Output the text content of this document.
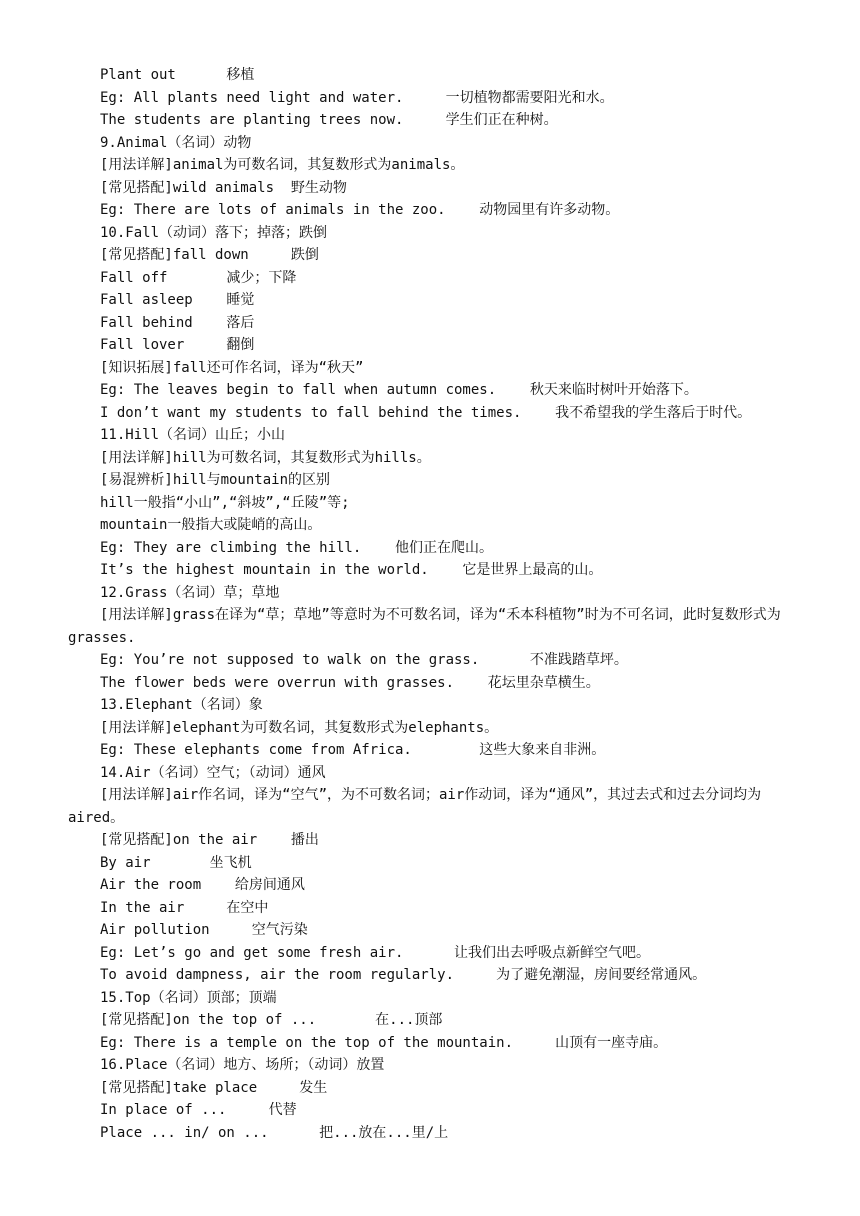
Plant out      移植
Eg: All plants need light and water.     一切植物都需要阳光和水。
The students are planting trees now.     学生们正在种树。
9.Animal（名词）动物
[用法详解]animal为可数名词，其复数形式为animals。
[常见搭配]wild animals  野生动物
Eg: There are lots of animals in the zoo.    动物园里有许多动物。
10.Fall（动词）落下；掉落；跌倒
[常见搭配]fall down     跌倒
Fall off       减少；下降
Fall asleep    睡觉
Fall behind    落后
Fall lover     翻倒
[知识拓展]fall还可作名词，译为“秋天”
Eg: The leaves begin to fall when autumn comes.    秋天来临时树叶开始落下。
I don’t want my students to fall behind the times.    我不希望我的学生落后于时代。
11.Hill（名词）山丘；小山
[用法详解]hill为可数名词，其复数形式为hills。
[易混辨析]hill与mountain的区别
hill一般指“小山”,“斜坡”,“丘陵”等;
mountain一般指大或陡峭的高山。
Eg: They are climbing the hill.    他们正在爬山。
It’s the highest mountain in the world.    它是世界上最高的山。
12.Grass（名词）草；草地
[用法详解]grass在译为“草；草地”等意时为不可数名词，译为“禾本科植物”时为不可名词，此时复数形式为grasses.
Eg: You’re not supposed to walk on the grass.      不准践踏草坪。
The flower beds were overrun with grasses.    花坛里杂草横生。
13.Elephant（名词）象
[用法详解]elephant为可数名词，其复数形式为elephants。
Eg: These elephants come from Africa.        这些大象来自非洲。
14.Air（名词）空气；（动词）通风
[用法详解]air作名词，译为“空气”，为不可数名词；air作动词，译为“通风”，其过去式和过去分词均为aired。
[常见搭配]on the air    播出
By air       坐飞机
Air the room    给房间通风
In the air     在空中
Air pollution     空气污染
Eg: Let’s go and get some fresh air.      让我们出去呼吸点新鲜空气吧。
To avoid dampness, air the room regularly.     为了避免潮湿，房间要经常通风。
15.Top（名词）顶部；顶端
[常见搭配]on the top of ...       在...顶部
Eg: There is a temple on the top of the mountain.     山顶有一座寺庙。
16.Place（名词）地方、场所；（动词）放置
[常见搭配]take place     发生
In place of ...     代替
Place ... in/ on ...      把...放在...里/上
